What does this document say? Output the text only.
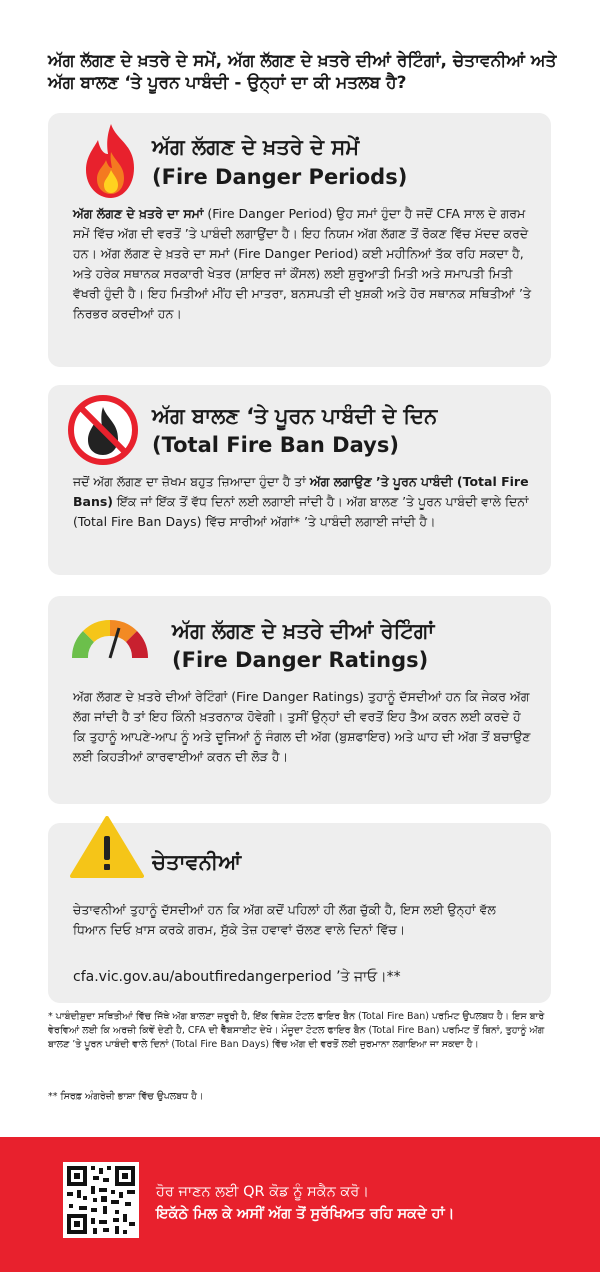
ਅੱਗ ਲੱਗਣ ਦੇ ਖ਼ਤਰੇ ਦੇ ਸਮੇਂ, ਅੱਗ ਲੱਗਣ ਦੇ ਖ਼ਤਰੇ ਦੀਆਂ ਰੇਟਿੰਗਾਂ, ਚੇਤਾਵਨੀਆਂ ਅਤੇ ਅੱਗ ਬਾਲਣ ‘ਤੇ ਪੂਰਨ ਪਾਬੰਦੀ - ਉਨ੍ਹਾਂ ਦਾ ਕੀ ਮਤਲਬ ਹੈ?
ਅੱਗ ਲੱਗਣ ਦੇ ਖ਼ਤਰੇ ਦੇ ਸਮੇਂ
(Fire Danger Periods)

ਅੱਗ ਲੱਗਣ ਦੇ ਖ਼ਤਰੇ ਦਾ ਸਮਾਂ (Fire Danger Period) ਉਹ ਸਮਾਂ ਹੁੰਦਾ ਹੈ ਜਦੋਂ CFA ਸਾਲ ਦੇ ਗਰਮ ਸਮੇਂ ਵਿੱਚ ਅੱਗ ਦੀ ਵਰਤੋਂ ’ਤੇ ਪਾਬੰਦੀ ਲਗਾਉਂਦਾ ਹੈ। ਇਹ ਨਿਯਮ ਅੱਗ ਲੱਗਣ ਤੋਂ ਰੋਕਣ ਵਿੱਚ ਮੱਦਦ ਕਰਦੇ ਹਨ। ਅੱਗ ਲੱਗਣ ਦੇ ਖ਼ਤਰੇ ਦਾ ਸਮਾਂ (Fire Danger Period) ਕਈ ਮਹੀਨਿਆਂ ਤੱਕ ਰਹਿ ਸਕਦਾ ਹੈ, ਅਤੇ ਹਰੇਕ ਸਥਾਨਕ ਸਰਕਾਰੀ ਖੇਤਰ (ਸ਼ਾਇਰ ਜਾਂ ਕੌਂਸਲ) ਲਈ ਸ਼ੁਰੂਆਤੀ ਮਿਤੀ ਅਤੇ ਸਮਾਪਤੀ ਮਿਤੀ ਵੱਖਰੀ ਹੁੰਦੀ ਹੈ। ਇਹ ਮਿਤੀਆਂ ਮੀਂਹ ਦੀ ਮਾਤਰਾ, ਬਨਸਪਤੀ ਦੀ ਖੁਸ਼ਕੀ ਅਤੇ ਹੋਰ ਸਥਾਨਕ ਸਥਿਤੀਆਂ ’ਤੇ ਨਿਰਭਰ ਕਰਦੀਆਂ ਹਨ।

ਅੱਗ ਬਾਲਣ ‘ਤੇ ਪੂਰਨ ਪਾਬੰਦੀ ਦੇ ਦਿਨ
(Total Fire Ban Days)

ਜਦੋਂ ਅੱਗ ਲੱਗਣ ਦਾ ਜ਼ੋਖਮ ਬਹੁਤ ਜ਼ਿਆਦਾ ਹੁੰਦਾ ਹੈ ਤਾਂ ਅੱਗ ਲਗਾਉਣ ’ਤੇ ਪੂਰਨ ਪਾਬੰਦੀ (Total Fire Bans) ਇੱਕ ਜਾਂ ਇੱਕ ਤੋਂ ਵੱਧ ਦਿਨਾਂ ਲਈ ਲਗਾਈ ਜਾਂਦੀ ਹੈ। ਅੱਗ ਬਾਲਣ ’ਤੇ ਪੂਰਨ ਪਾਬੰਦੀ ਵਾਲੇ ਦਿਨਾਂ (Total Fire Ban Days) ਵਿੱਚ ਸਾਰੀਆਂ ਅੱਗਾਂ* ’ਤੇ ਪਾਬੰਦੀ ਲਗਾਈ ਜਾਂਦੀ ਹੈ।

ਅੱਗ ਲੱਗਣ ਦੇ ਖ਼ਤਰੇ ਦੀਆਂ ਰੇਟਿੰਗਾਂ
(Fire Danger Ratings)

ਅੱਗ ਲੱਗਣ ਦੇ ਖ਼ਤਰੇ ਦੀਆਂ ਰੇਟਿੰਗਾਂ (Fire Danger Ratings) ਤੁਹਾਨੂੰ ਦੱਸਦੀਆਂ ਹਨ ਕਿ ਜੇਕਰ ਅੱਗ ਲੱਗ ਜਾਂਦੀ ਹੈ ਤਾਂ ਇਹ ਕਿੰਨੀ ਖ਼ਤਰਨਾਕ ਹੋਵੇਗੀ। ਤੁਸੀਂ ਉਨ੍ਹਾਂ ਦੀ ਵਰਤੋਂ ਇਹ ਤੈਅ ਕਰਨ ਲਈ ਕਰਦੇ ਹੋ ਕਿ ਤੁਹਾਨੂੰ ਆਪਣੇ-ਆਪ ਨੂੰ ਅਤੇ ਦੂਜਿਆਂ ਨੂੰ ਜੰਗਲ ਦੀ ਅੱਗ (ਬੁਸ਼ਫਾਇਰ) ਅਤੇ ਘਾਹ ਦੀ ਅੱਗ ਤੋਂ ਬਚਾਉਣ ਲਈ ਕਿਹੜੀਆਂ ਕਾਰਵਾਈਆਂ ਕਰਨ ਦੀ ਲੋੜ ਹੈ।

ਚੇਤਾਵਨੀਆਂ

ਚੇਤਾਵਨੀਆਂ ਤੁਹਾਨੂੰ ਦੱਸਦੀਆਂ ਹਨ ਕਿ ਅੱਗ ਕਦੋਂ ਪਹਿਲਾਂ ਹੀ ਲੱਗ ਚੁੱਕੀ ਹੈ, ਇਸ ਲਈ ਉਨ੍ਹਾਂ ਵੱਲ ਧਿਆਨ ਦਿਓ ਖ਼ਾਸ ਕਰਕੇ ਗਰਮ, ਸੁੱਕੇ ਤੇਜ਼ ਹਵਾਵਾਂ ਚੱਲਣ ਵਾਲੇ ਦਿਨਾਂ ਵਿੱਚ।

cfa.vic.gov.au/aboutfiredangerperiod ’ਤੇ ਜਾਓ।**

* ਪਾਬੰਦੀਸ਼ੁਦਾ ਸਥਿਤੀਆਂ ਵਿੱਚ ਜਿੱਥੇ ਅੱਗ ਬਾਲਣਾ ਜ਼ਰੂਰੀ ਹੈ, ਇੱਕ ਵਿਸ਼ੇਸ਼ ਟੋਟਲ ਫਾਇਰ ਬੈਨ (Total Fire Ban) ਪਰਮਿਟ ਉਪਲਬਧ ਹੈ। ਇਸ ਬਾਰੇ ਵੇਰਵਿਆਂ ਲਈ ਕਿ ਅਰਜ਼ੀ ਕਿਵੇਂ ਦੇਣੀ ਹੈ, CFA ਦੀ ਵੈੱਬਸਾਈਟ ਦੇਖੋ। ਮੌਜੂਦਾ ਟੋਟਲ ਫਾਇਰ ਬੈਨ (Total Fire Ban) ਪਰਮਿਟ ਤੋਂ ਬਿਨਾਂ, ਤੁਹਾਨੂੰ ਅੱਗ ਬਾਲਣ ’ਤੇ ਪੂਰਨ ਪਾਬੰਦੀ ਵਾਲੇ ਦਿਨਾਂ (Total Fire Ban Days) ਵਿੱਚ ਅੱਗ ਦੀ ਵਰਤੋਂ ਲਈ ਜੁਰਮਾਨਾ ਲਗਾਇਆ ਜਾ ਸਕਦਾ ਹੈ।

** ਸਿਰਫ਼ ਅੰਗਰੇਜ਼ੀ ਭਾਸ਼ਾ ਵਿੱਚ ਉਪਲਬਧ ਹੈ।

ਹੋਰ ਜਾਣਨ ਲਈ QR ਕੋਡ ਨੂੰ ਸਕੈਨ ਕਰੋ।
ਇਕੱਠੇ ਮਿਲ ਕੇ ਅਸੀਂ ਅੱਗ ਤੋਂ ਸੁਰੱਖਿਅਤ ਰਹਿ ਸਕਦੇ ਹਾਂ।
